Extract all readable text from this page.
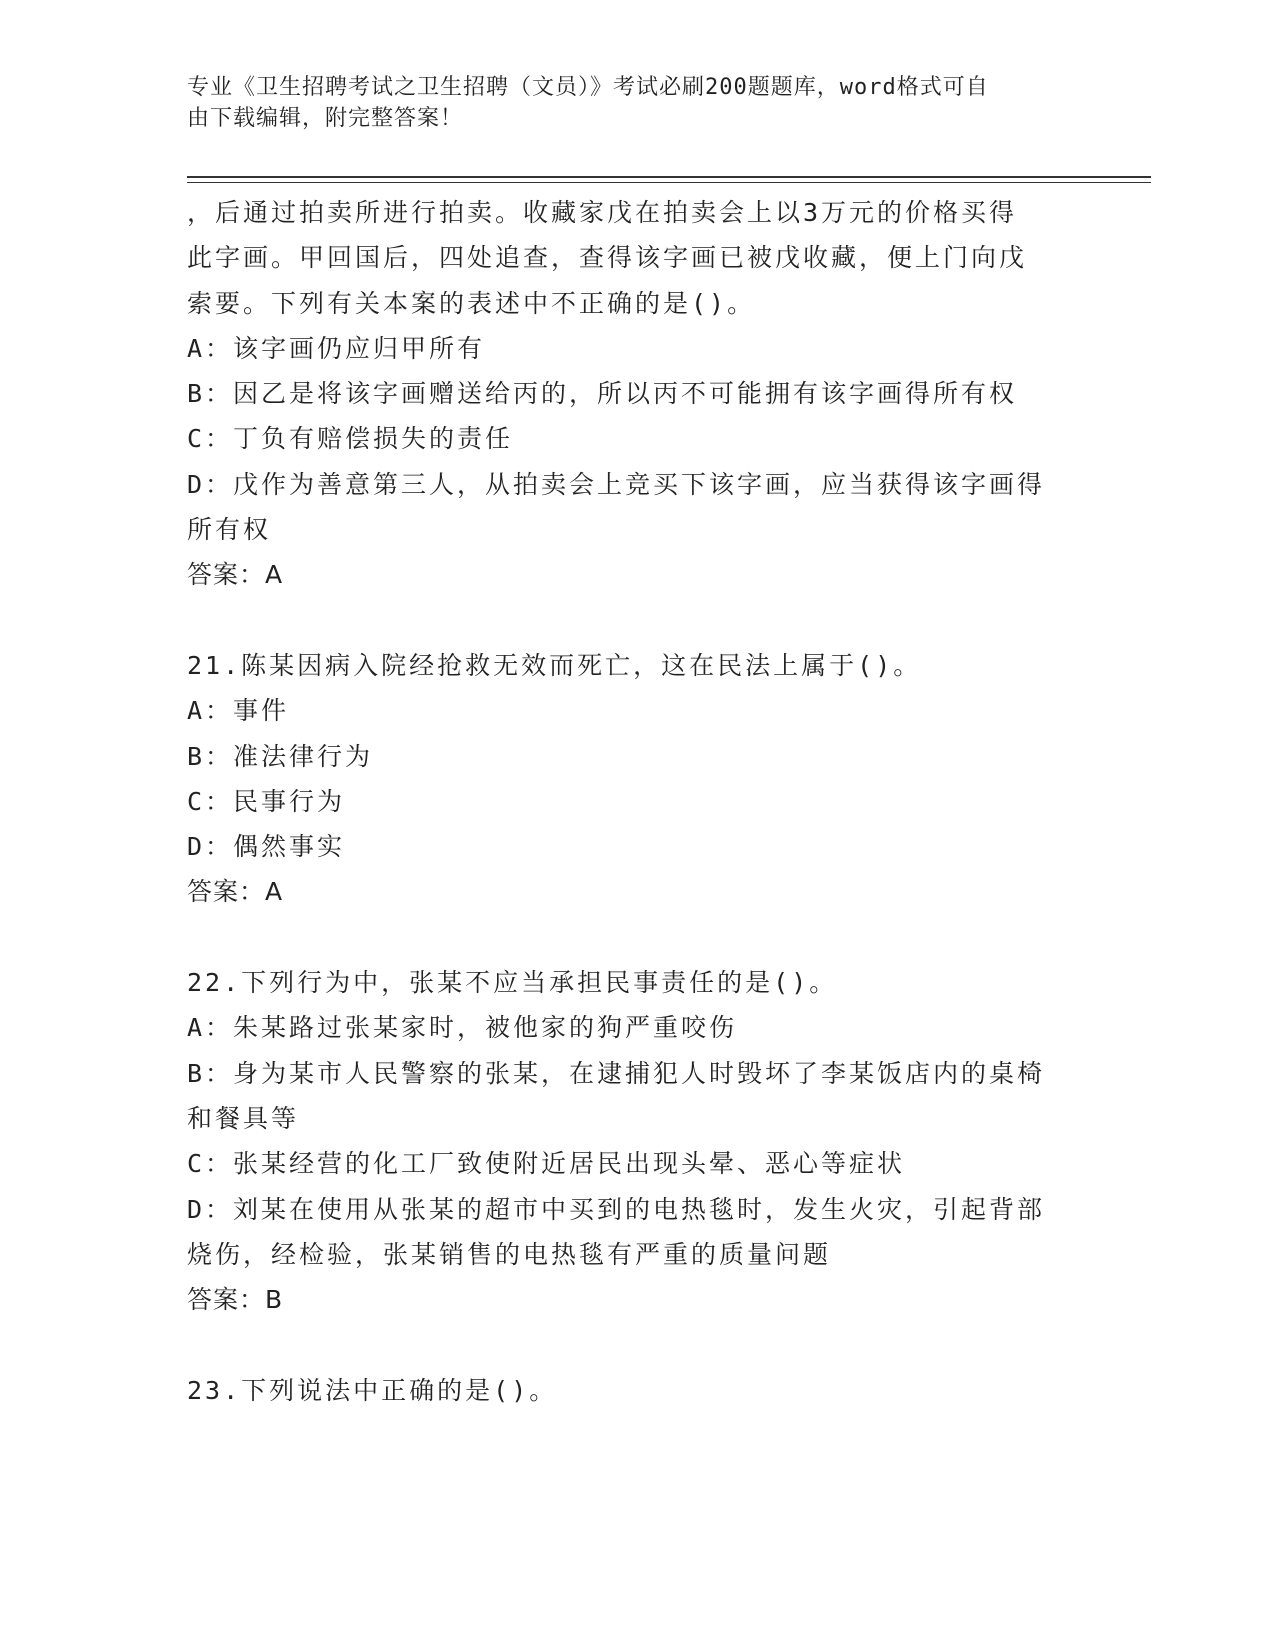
专业《卫生招聘考试之卫生招聘（文员）》考试必刷200题题库，word格式可自
由下载编辑，附完整答案！
，后通过拍卖所进行拍卖。收藏家戊在拍卖会上以3万元的价格买得
此字画。甲回国后，四处追查，查得该字画已被戊收藏，便上门向戊
索要。下列有关本案的表述中不正确的是()。
A：该字画仍应归甲所有
B：因乙是将该字画赠送给丙的，所以丙不可能拥有该字画得所有权
C：丁负有赔偿损失的责任
D：戊作为善意第三人，从拍卖会上竞买下该字画，应当获得该字画得
所有权
答案：A
21.陈某因病入院经抢救无效而死亡，这在民法上属于()。
A：事件
B：准法律行为
C：民事行为
D：偶然事实
答案：A
22.下列行为中，张某不应当承担民事责任的是()。
A：朱某路过张某家时，被他家的狗严重咬伤
B：身为某市人民警察的张某，在逮捕犯人时毁坏了李某饭店内的桌椅
和餐具等
C：张某经营的化工厂致使附近居民出现头晕、恶心等症状
D：刘某在使用从张某的超市中买到的电热毯时，发生火灾，引起背部
烧伤，经检验，张某销售的电热毯有严重的质量问题
答案：B
23.下列说法中正确的是()。
